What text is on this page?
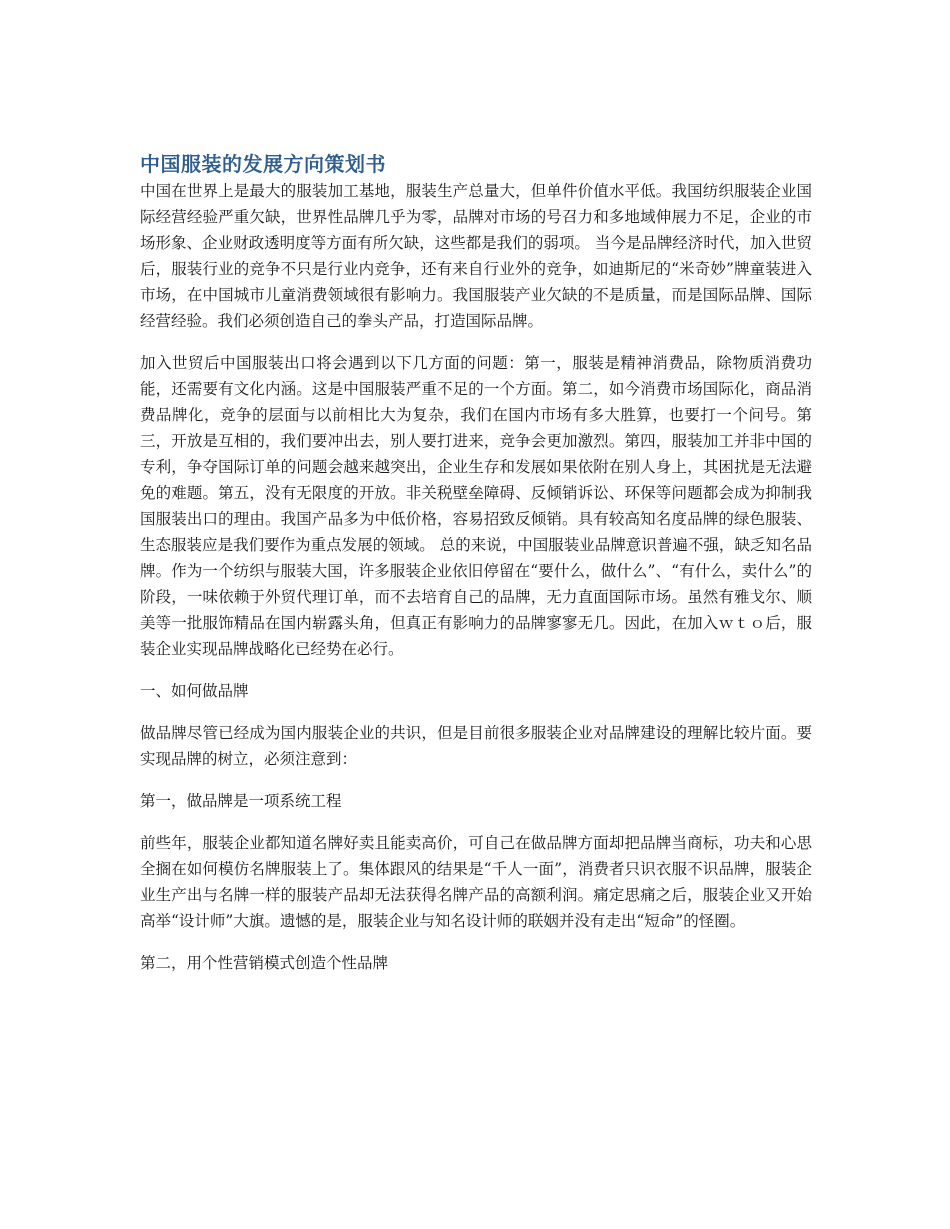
中国服装的发展方向策划书

中国在世界上是最大的服装加工基地，服装生产总量大，但单件价值水平低。我国纺织服装企业国际经营经验严重欠缺，世界性品牌几乎为零，品牌对市场的号召力和多地域伸展力不足，企业的市场形象、企业财政透明度等方面有所欠缺，这些都是我们的弱项。 当今是品牌经济时代，加入世贸后，服装行业的竞争不只是行业内竞争，还有来自行业外的竞争，如迪斯尼的“米奇妙”牌童装进入市场，在中国城市儿童消费领域很有影响力。我国服装产业欠缺的不是质量，而是国际品牌、国际经营经验。我们必须创造自己的拳头产品，打造国际品牌。

加入世贸后中国服装出口将会遇到以下几方面的问题：第一，服装是精神消费品，除物质消费功能，还需要有文化内涵。这是中国服装严重不足的一个方面。第二，如今消费市场国际化，商品消费品牌化，竞争的层面与以前相比大为复杂，我们在国内市场有多大胜算，也要打一个问号。第三，开放是互相的，我们要冲出去，别人要打进来，竞争会更加激烈。第四，服装加工并非中国的专利，争夺国际订单的问题会越来越突出，企业生存和发展如果依附在别人身上，其困扰是无法避免的难题。第五，没有无限度的开放。非关税壁垒障碍、反倾销诉讼、环保等问题都会成为抑制我国服装出口的理由。我国产品多为中低价格，容易招致反倾销。具有较高知名度品牌的绿色服装、生态服装应是我们要作为重点发展的领域。 总的来说，中国服装业品牌意识普遍不强，缺乏知名品牌。作为一个纺织与服装大国，许多服装企业依旧停留在“要什么，做什么”、“有什么，卖什么”的阶段，一味依赖于外贸代理订单，而不去培育自己的品牌，无力直面国际市场。虽然有雅戈尔、顺美等一批服饰精品在国内崭露头角，但真正有影响力的品牌寥寥无几。因此，在加入ｗｔｏ后，服装企业实现品牌战略化已经势在必行。

一、如何做品牌

做品牌尽管已经成为国内服装企业的共识，但是目前很多服装企业对品牌建设的理解比较片面。要实现品牌的树立，必须注意到：

第一，做品牌是一项系统工程

前些年，服装企业都知道名牌好卖且能卖高价，可自己在做品牌方面却把品牌当商标，功夫和心思全搁在如何模仿名牌服装上了。集体跟风的结果是“千人一面”，消费者只识衣服不识品牌，服装企业生产出与名牌一样的服装产品却无法获得名牌产品的高额利润。痛定思痛之后，服装企业又开始高举“设计师”大旗。遗憾的是，服装企业与知名设计师的联姻并没有走出“短命”的怪圈。

第二，用个性营销模式创造个性品牌
